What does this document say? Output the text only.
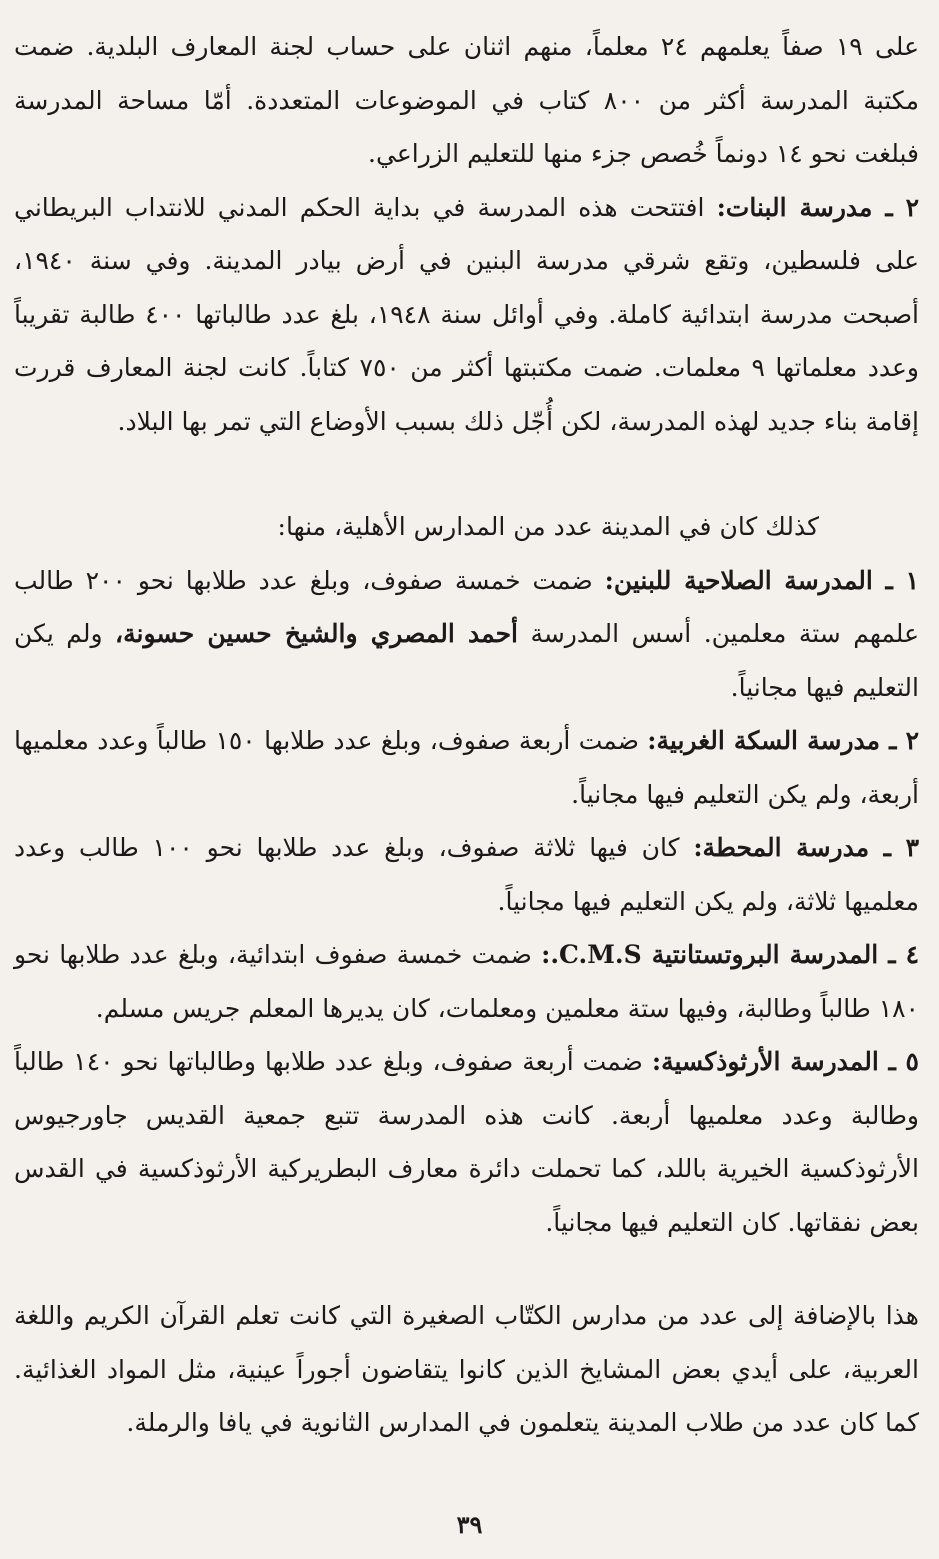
على ١٩ صفاً يعلمهم ٢٤ معلماً، منهم اثنان على حساب لجنة المعارف البلدية. ضمت مكتبة المدرسة أكثر من ٨٠٠ كتاب في الموضوعات المتعددة. أمّا مساحة المدرسة فبلغت نحو ١٤ دونماً خُصص جزء منها للتعليم الزراعي.

٢ ـ مدرسة البنات: افتتحت هذه المدرسة في بداية الحكم المدني للانتداب البريطاني على فلسطين، وتقع شرقي مدرسة البنين في أرض بيادر المدينة. وفي سنة ١٩٤٠، أصبحت مدرسة ابتدائية كاملة. وفي أوائل سنة ١٩٤٨، بلغ عدد طالباتها ٤٠٠ طالبة تقريباً وعدد معلماتها ٩ معلمات. ضمت مكتبتها أكثر من ٧٥٠ كتاباً. كانت لجنة المعارف قررت إقامة بناء جديد لهذه المدرسة، لكن أُجّل ذلك بسبب الأوضاع التي تمر بها البلاد.

كذلك كان في المدينة عدد من المدارس الأهلية، منها:

١ ـ المدرسة الصلاحية للبنين: ضمت خمسة صفوف، وبلغ عدد طلابها نحو ٢٠٠ طالب علمهم ستة معلمين. أسس المدرسة أحمد المصري والشيخ حسين حسونة، ولم يكن التعليم فيها مجانياً.

٢ ـ مدرسة السكة الغربية: ضمت أربعة صفوف، وبلغ عدد طلابها ١٥٠ طالباً وعدد معلميها أربعة، ولم يكن التعليم فيها مجانياً.

٣ ـ مدرسة المحطة: كان فيها ثلاثة صفوف، وبلغ عدد طلابها نحو ١٠٠ طالب وعدد معلميها ثلاثة، ولم يكن التعليم فيها مجانياً.

٤ ـ المدرسة البروتستانتية C.M.S.: ضمت خمسة صفوف ابتدائية، وبلغ عدد طلابها نحو ١٨٠ طالباً وطالبة، وفيها ستة معلمين ومعلمات، كان يديرها المعلم جريس مسلم.

٥ ـ المدرسة الأرثوذكسية: ضمت أربعة صفوف، وبلغ عدد طلابها وطالباتها نحو ١٤٠ طالباً وطالبة وعدد معلميها أربعة. كانت هذه المدرسة تتبع جمعية القديس جاورجيوس الأرثوذكسية الخيرية باللد، كما تحملت دائرة معارف البطريركية الأرثوذكسية في القدس بعض نفقاتها. كان التعليم فيها مجانياً.

هذا بالإضافة إلى عدد من مدارس الكتّاب الصغيرة التي كانت تعلم القرآن الكريم واللغة العربية، على أيدي بعض المشايخ الذين كانوا يتقاضون أجوراً عينية، مثل المواد الغذائية. كما كان عدد من طلاب المدينة يتعلمون في المدارس الثانوية في يافا والرملة.

٣٩
